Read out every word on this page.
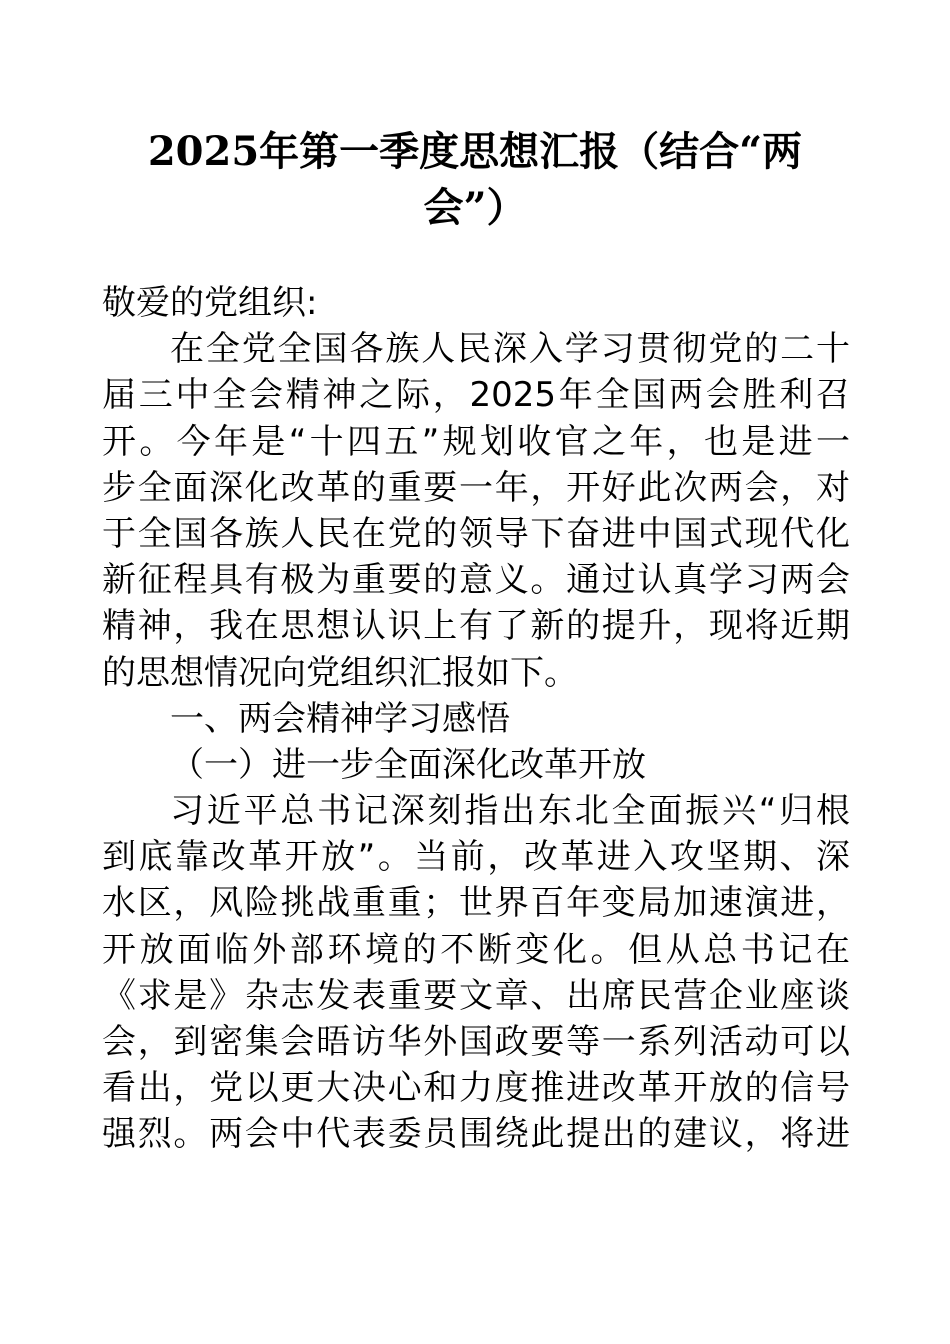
2025年第一季度思想汇报（结合“两
会”）
敬爱的党组织:
在全党全国各族人民深入学习贯彻党的二十
届三中全会精神之际，2025年全国两会胜利召
开。今年是“十四五”规划收官之年，也是进一
步全面深化改革的重要一年，开好此次两会，对
于全国各族人民在党的领导下奋进中国式现代化
新征程具有极为重要的意义。通过认真学习两会
精神，我在思想认识上有了新的提升，现将近期
的思想情况向党组织汇报如下。
一、两会精神学习感悟
（一）进一步全面深化改革开放
习近平总书记深刻指出东北全面振兴“归根
到底靠改革开放”。当前，改革进入攻坚期、深
水区，风险挑战重重；世界百年变局加速演进，
开放面临外部环境的不断变化。但从总书记在
《求是》杂志发表重要文章、出席民营企业座谈
会，到密集会晤访华外国政要等一系列活动可以
看出，党以更大决心和力度推进改革开放的信号
强烈。两会中代表委员围绕此提出的建议，将进
